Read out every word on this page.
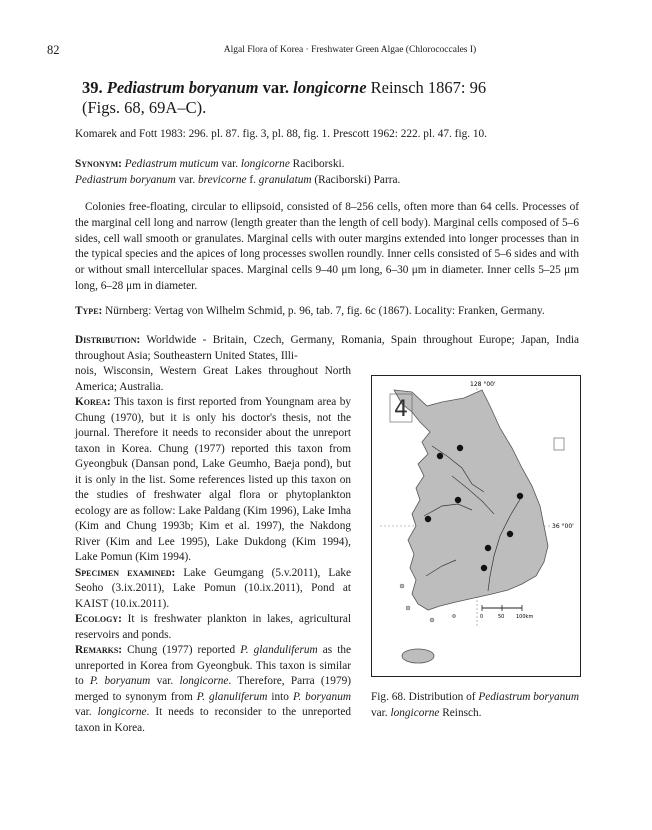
82	Algal Flora of Korea · Freshwater Green Algae (Chlorococcales I)
39. Pediastrum boryanum var. longicorne Reinsch 1867: 96
(Figs. 68, 69A–C).
Komarek and Fott 1983: 296. pl. 87. fig. 3, pl. 88, fig. 1. Prescott 1962: 222. pl. 47. fig. 10.
Synonym: Pediastrum muticum var. longicorne Raciborski.
Pediastrum boryanum var. brevicorne f. granulatum (Raciborski) Parra.

Colonies free-floating, circular to ellipsoid, consisted of 8–256 cells, often more than 64 cells. Processes of the marginal cell long and narrow (length greater than the length of cell body). Marginal cells composed of 5–6 sides, cell wall smooth or granulates. Marginal cells with outer margins extended into longer processes than in the typical species and the apices of long processes swollen roundly. Inner cells consisted of 5–6 sides and with or without small intercellular spaces. Marginal cells 9–40 μm long, 6–30 μm in diameter. Inner cells 5–25 μm long, 6–28 μm in diameter.

Type: Nürnberg: Vertag von Wilhelm Schmid, p. 96, tab. 7, fig. 6c (1867). Locality: Franken, Germany.

Distribution: Worldwide - Britain, Czech, Germany, Romania, Spain throughout Europe; Japan, India throughout Asia; Southeastern United States, Illi-

nois, Wisconsin, Western Great Lakes throughout North America; Australia.

Korea: This taxon is first reported from Youngnam area by Chung (1970), but it is only his doctor's thesis, not the journal. Therefore it needs to reconsider about the unreport taxon in Korea. Chung (1977) reported this taxon from Gyeongbuk (Dansan pond, Lake Geumho, Baeja pond), but it is only in the list. Some references listed up this taxon on the studies of freshwater algal flora or phytoplankton ecology are as follow: Lake Paldang (Kim 1996), Lake Imha (Kim and Chung 1993b; Kim et al. 1997), the Nakdong River (Kim and Lee 1995), Lake Dukdong (Kim 1994), Lake Pomun (Kim 1994).

Specimen examined: Lake Geumgang (5.v.2011), Lake Seoho (3.ix.2011), Lake Pomun (10.ix.2011), Pond at KAIST (10.ix.2011).

Ecology: It is freshwater plankton in lakes, agricultural reservoirs and ponds.

Remarks: Chung (1977) reported P. glanduliferum as the unreported in Korea from Gyeongbuk. This taxon is similar to P. boryanum var. longicorne. Therefore, Parra (1979) merged to synonym from P. glanuliferum into P. boryanum var. longicorne. It needs to reconsider to the unreported taxon in Korea.

128 °00'
36 °00'
4
0	50 100km
Fig. 68. Distribution of Pediastrum boryanum var. longicorne Reinsch.
